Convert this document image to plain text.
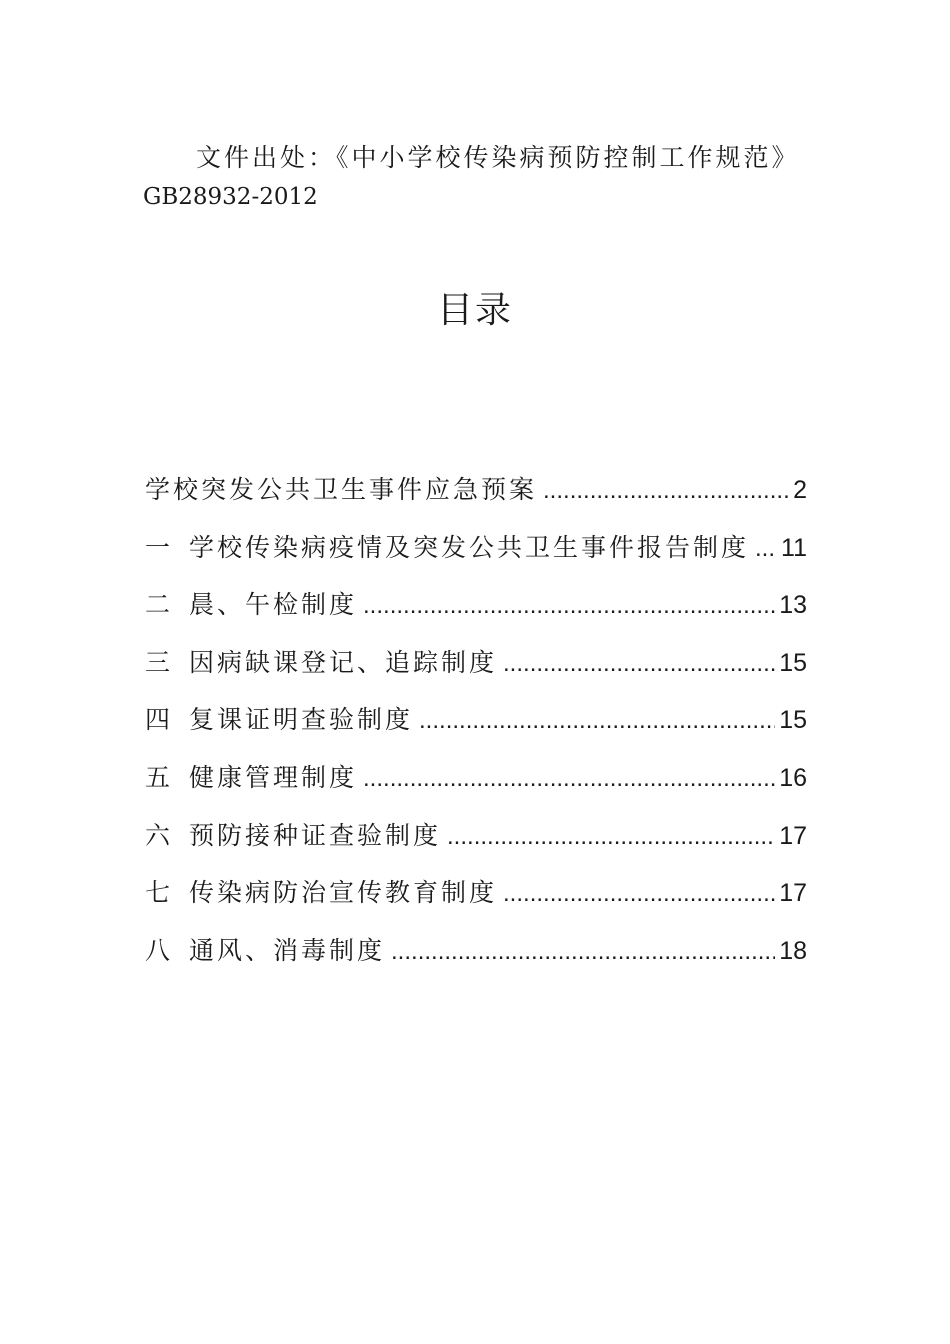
文件出处：《中小学校传染病预防控制工作规范》
GB28932-2012
目录
学校突发公共卫生事件应急预案 .....	2
一 学校传染病疫情及突发公共卫生事件报告制度 ..... 11
二 晨、午检制度 .....	13
三 因病缺课登记、追踪制度 .....	15
四 复课证明查验制度 .....	15
五 健康管理制度 .....	16
六 预防接种证查验制度 .....	17
七 传染病防治宣传教育制度 .....	17
八 通风、消毒制度 .....	18
